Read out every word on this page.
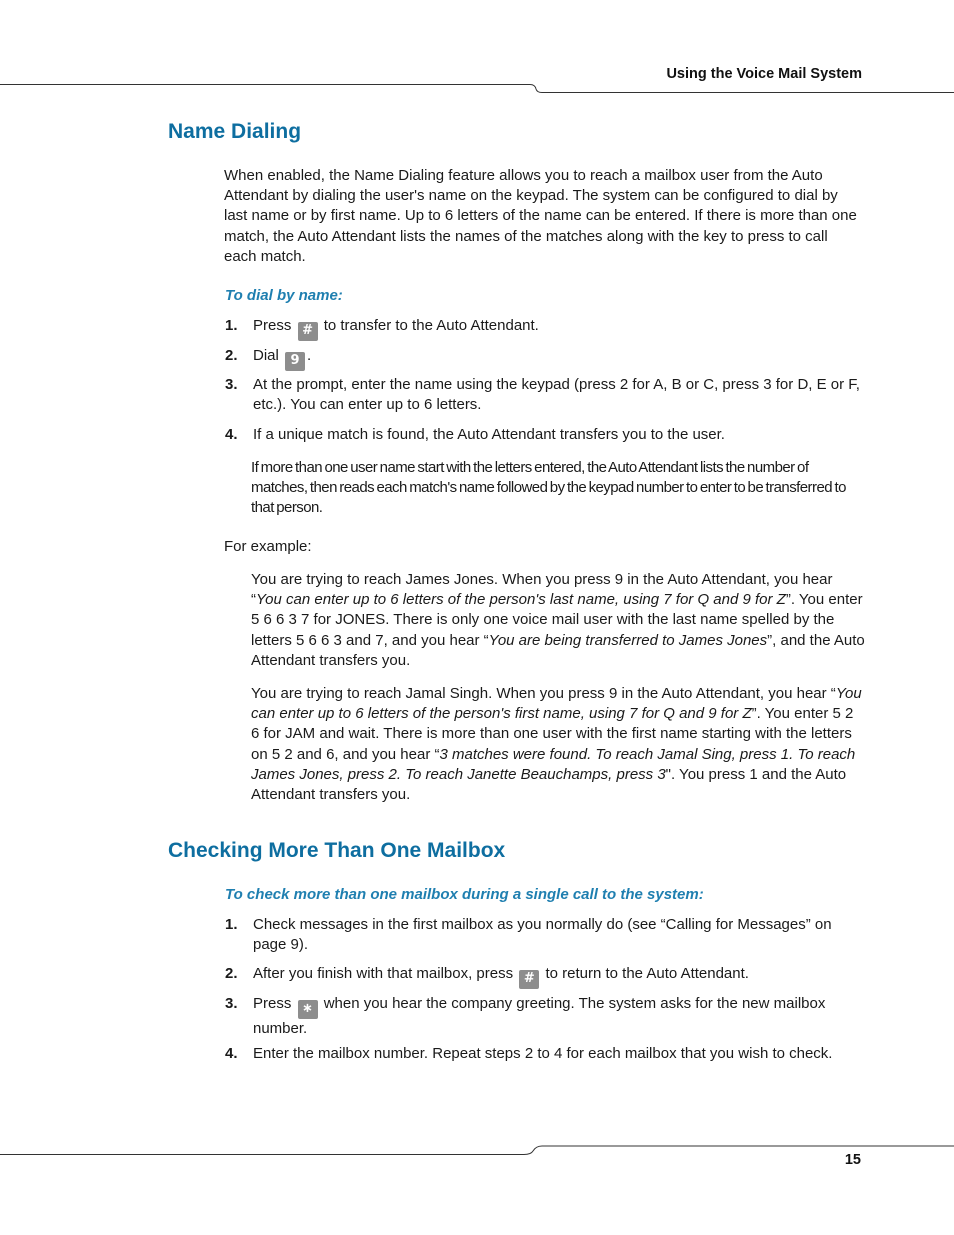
Using the Voice Mail System
Name Dialing

When enabled, the Name Dialing feature allows you to reach a mailbox user from the Auto Attendant by dialing the user's name on the keypad. The system can be configured to dial by last name or by first name. Up to 6 letters of the name can be entered. If there is more than one match, the Auto Attendant lists the names of the matches along with the key to press to call each match.

To dial by name:

1. Press # to transfer to the Auto Attendant.
2. Dial 9 .
3. At the prompt, enter the name using the keypad (press 2 for A, B or C, press 3 for D, E or F, etc.). You can enter up to 6 letters.
4. If a unique match is found, the Auto Attendant transfers you to the user.

If more than one user name start with the letters entered, the Auto Attendant lists the number of matches, then reads each match's name followed by the keypad number to enter to be transferred to that person.

For example:

You are trying to reach James Jones. When you press 9 in the Auto Attendant, you hear “You can enter up to 6 letters of the person's last name, using 7 for Q and 9 for Z”. You enter 5 6 6 3 7 for JONES. There is only one voice mail user with the last name spelled by the letters 5 6 6 3 and 7, and you hear “You are being transferred to James Jones”, and the Auto Attendant transfers you.

You are trying to reach Jamal Singh. When you press 9 in the Auto Attendant, you hear “You can enter up to 6 letters of the person's first name, using 7 for Q and 9 for Z”. You enter 5 2 6 for JAM and wait. There is more than one user with the first name starting with the letters on 5 2 and 6, and you hear “3 matches were found. To reach Jamal Sing, press 1. To reach James Jones, press 2. To reach Janette Beauchamps, press 3". You press 1 and the Auto Attendant transfers you.

Checking More Than One Mailbox

To check more than one mailbox during a single call to the system:

1. Check messages in the first mailbox as you normally do (see “Calling for Messages” on page 9).
2. After you finish with that mailbox, press # to return to the Auto Attendant.
3. Press ∗ when you hear the company greeting. The system asks for the new mailbox number.
4. Enter the mailbox number. Repeat steps 2 to 4 for each mailbox that you wish to check.
15
